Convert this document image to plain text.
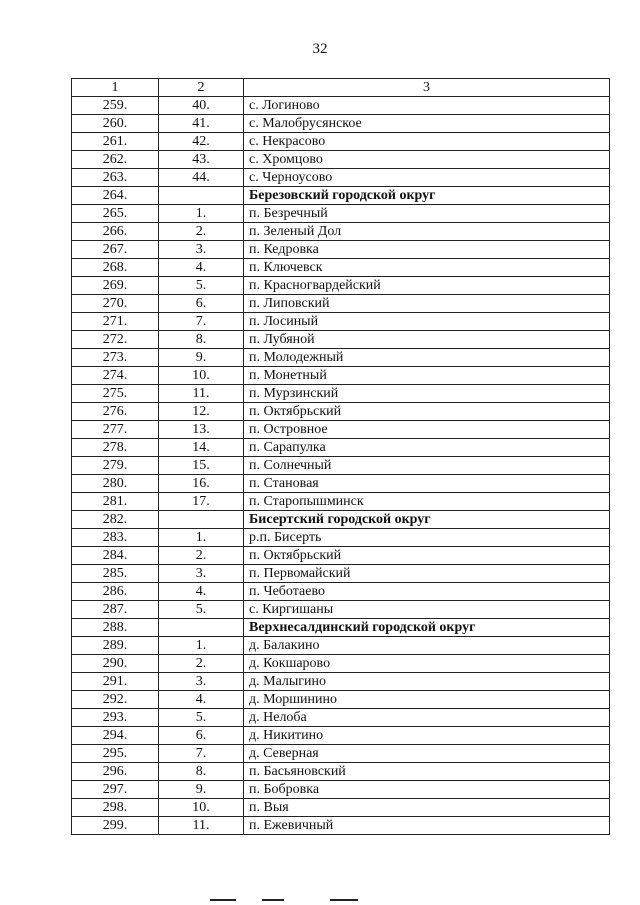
32
1	2	3
259.	40.	с. Логиново
260.	41.	с. Малобрусянское
261.	42.	с. Некрасово
262.	43.	с. Хромцово
263.	44.	с. Черноусово
264.		Березовский городской округ
265.	1.	п. Безречный
266.	2.	п. Зеленый Дол
267.	3.	п. Кедровка
268.	4.	п. Ключевск
269.	5.	п. Красногвардейский
270.	6.	п. Липовский
271.	7.	п. Лосиный
272.	8.	п. Лубяной
273.	9.	п. Молодежный
274.	10.	п. Монетный
275.	11.	п. Мурзинский
276.	12.	п. Октябрьский
277.	13.	п. Островное
278.	14.	п. Сарапулка
279.	15.	п. Солнечный
280.	16.	п. Становая
281.	17.	п. Старопышминск
282.		Бисертский городской округ
283.	1.	р.п. Бисерть
284.	2.	п. Октябрьский
285.	3.	п. Первомайский
286.	4.	п. Чеботаево
287.	5.	с. Киргишаны
288.		Верхнесалдинский городской округ
289.	1.	д. Балакино
290.	2.	д. Кокшарово
291.	3.	д. Малыгино
292.	4.	д. Моршинино
293.	5.	д. Нелоба
294.	6.	д. Никитино
295.	7.	д. Северная
296.	8.	п. Басьяновский
297.	9.	п. Бобровка
298.	10.	п. Выя
299.	11.	п. Ежевичный
